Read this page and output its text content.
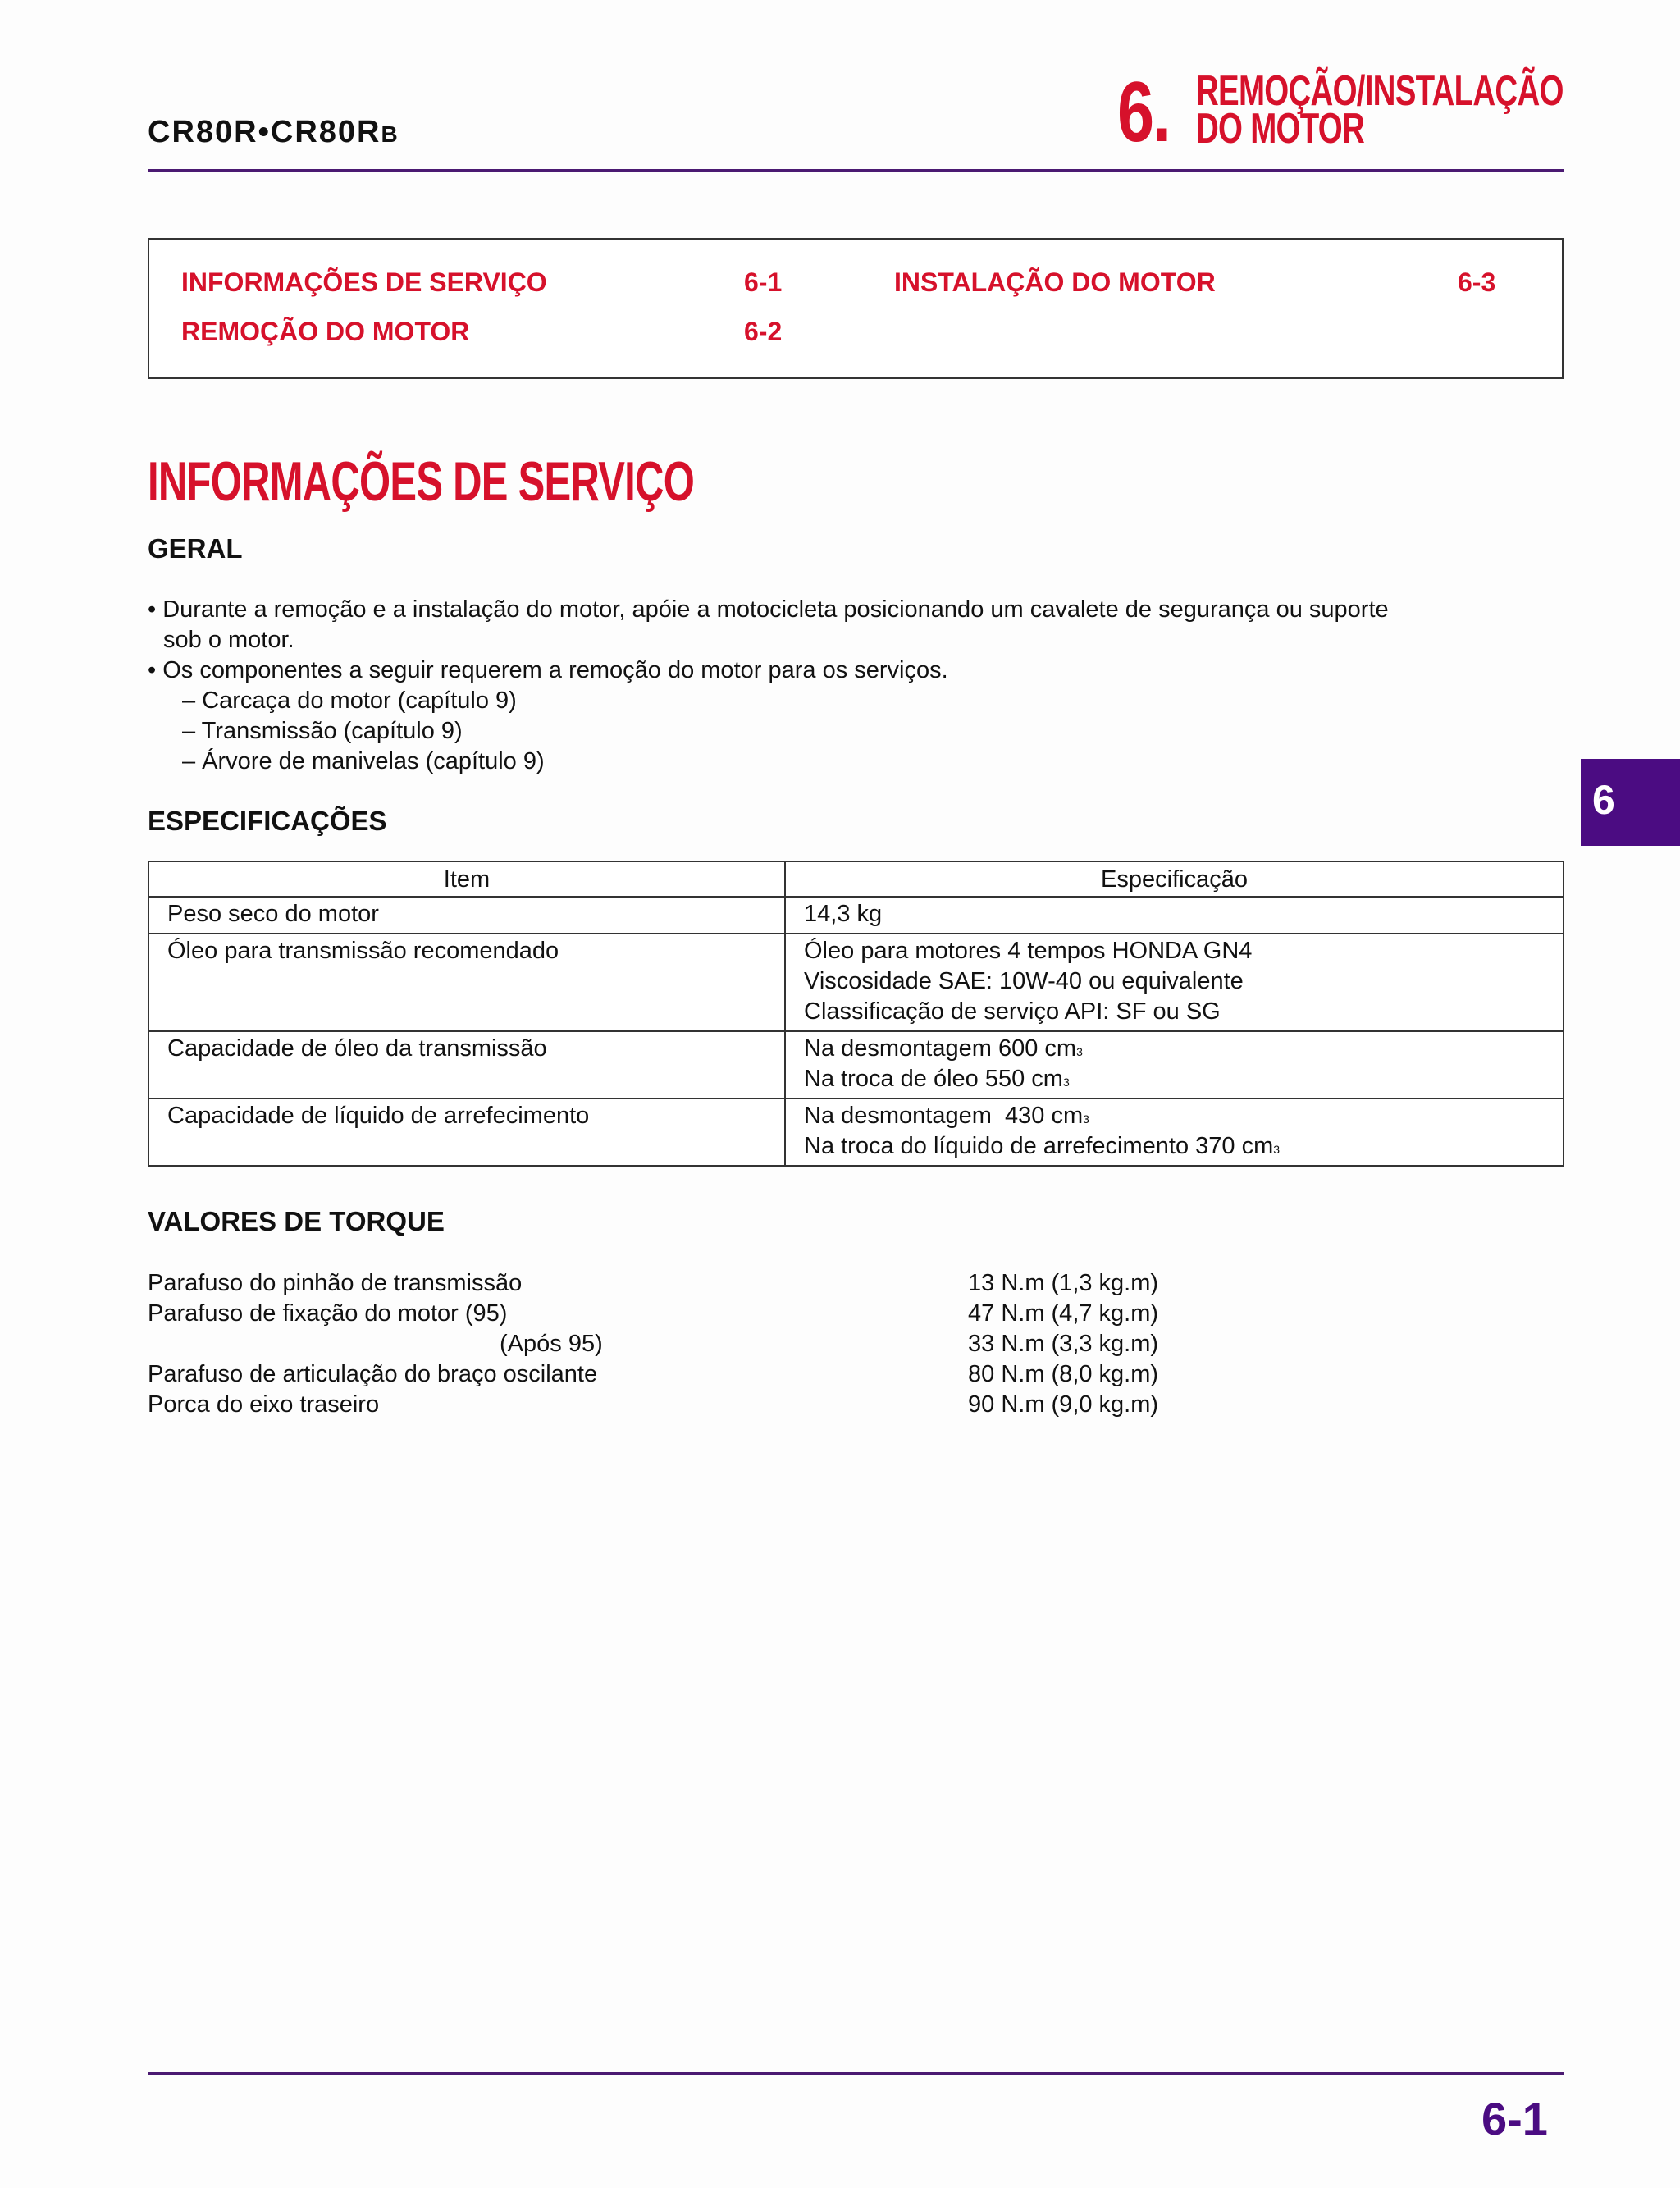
CR80R•CR80RB	6. REMOÇÃO/INSTALAÇÃO
DO MOTOR
INFORMAÇÕES DE SERVIÇO	6-1
REMOÇÃO DO MOTOR	6-2
INSTALAÇÃO DO MOTOR	6-3
INFORMAÇÕES DE SERVIÇO
GERAL
• Durante a remoção e a instalação do motor, apóie a motocicleta posicionando um cavalete de segurança ou suporte
sob o motor.
• Os componentes a seguir requerem a remoção do motor para os serviços.
– Carcaça do motor (capítulo 9)
– Transmissão (capítulo 9)
– Árvore de manivelas (capítulo 9)
6
ESPECIFICAÇÕES
Item	Especificação
Peso seco do motor	14,3 kg

Óleo para transmissão recomendado	Óleo para motores 4 tempos HONDA GN4
Viscosidade SAE: 10W-40 ou equivalente
Classificação de serviço API: SF ou SG

Capacidade de óleo da transmissão	Na desmontagem 600 $cm^3$
Na troca de óleo 550 $cm^3$

Capacidade de líquido de arrefecimento	Na desmontagem  430 $cm^3$
Na troca do líquido de arrefecimento 370 $cm^3$
VALORES DE TORQUE
Parafuso do pinhão de transmissão	13 N.m (1,3 kg.m)
Parafuso de fixação do motor (95)	47 N.m (4,7 kg.m)
(Após 95)	33 N.m (3,3 kg.m)
Parafuso de articulação do braço oscilante	80 N.m (8,0 kg.m)
Porca do eixo traseiro	90 N.m (9,0 kg.m)
6-1
